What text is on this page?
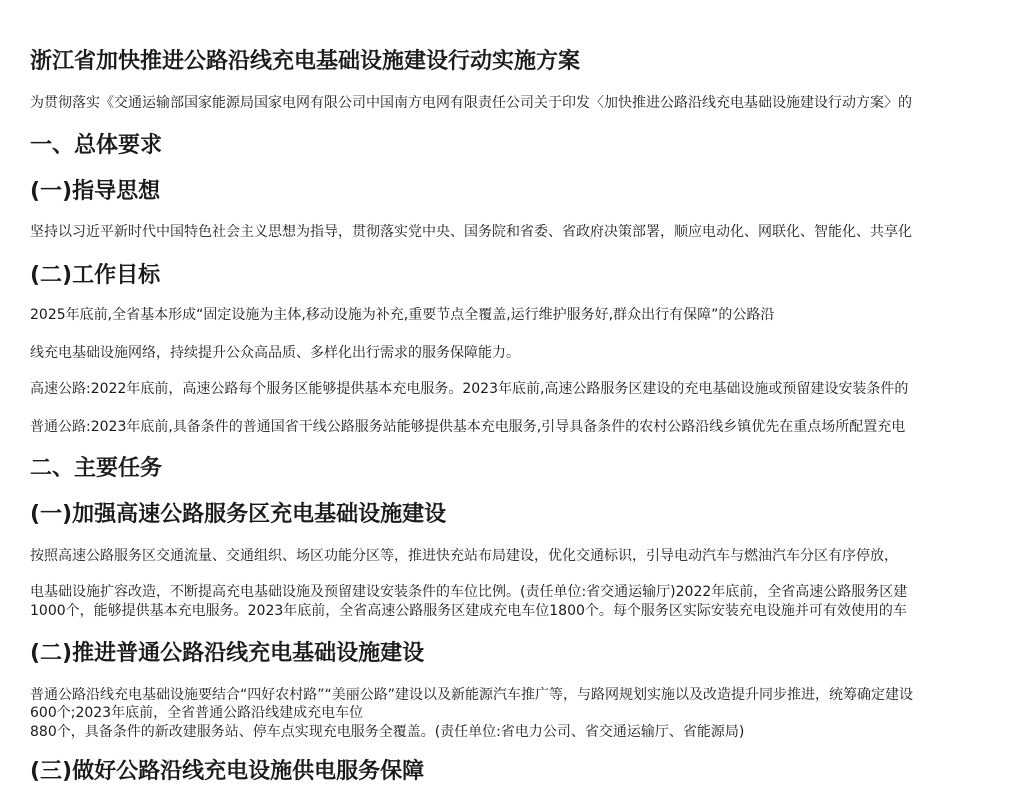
浙江省加快推进公路沿线充电基础设施建设行动实施方案
为贯彻落实《交通运输部国家能源局国家电网有限公司中国南方电网有限责任公司关于印发〈加快推进公路沿线充电基础设施建设行动方案〉的
一、总体要求
(一)指导思想
坚持以习近平新时代中国特色社会主义思想为指导，贯彻落实党中央、国务院和省委、省政府决策部署，顺应电动化、网联化、智能化、共享化
(二)工作目标
2025年底前,全省基本形成“固定设施为主体,移动设施为补充,重要节点全覆盖,运行维护服务好,群众出行有保障”的公路沿
线充电基础设施网络，持续提升公众高品质、多样化出行需求的服务保障能力。
高速公路:2022年底前，高速公路每个服务区能够提供基本充电服务。2023年底前,高速公路服务区建设的充电基础设施或预留建设安装条件的
普通公路:2023年底前,具备条件的普通国省干线公路服务站能够提供基本充电服务,引导具备条件的农村公路沿线乡镇优先在重点场所配置充电
二、主要任务
(一)加强高速公路服务区充电基础设施建设
按照高速公路服务区交通流量、交通组织、场区功能分区等，推进快充站布局建设，优化交通标识，引导电动汽车与燃油汽车分区有序停放，
电基础设施扩容改造，不断提高充电基础设施及预留建设安装条件的车位比例。(责任单位:省交通运输厅)2022年底前，全省高速公路服务区建
1000个，能够提供基本充电服务。2023年底前，全省高速公路服务区建成充电车位1800个。每个服务区实际安装充电设施并可有效使用的车
(二)推进普通公路沿线充电基础设施建设
普通公路沿线充电基础设施要结合“四好农村路”“美丽公路”建设以及新能源汽车推广等，与路网规划实施以及改造提升同步推进，统筹确定建设
600个;2023年底前，全省普通公路沿线建成充电车位
880个，具备条件的新改建服务站、停车点实现充电服务全覆盖。(责任单位:省电力公司、省交通运输厅、省能源局)
(三)做好公路沿线充电设施供电服务保障
